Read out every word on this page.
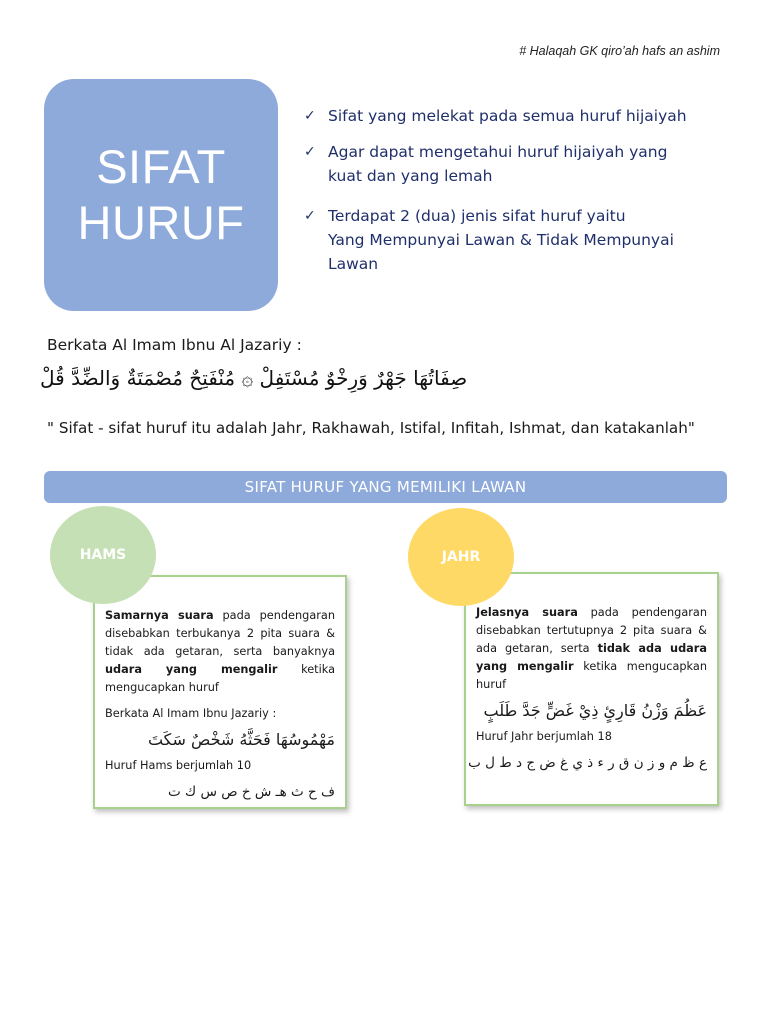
# Halaqah GK qiro’ah hafs an ashim
SIFAT
HURUF
✓ Sifat yang melekat pada semua huruf hijaiyah
✓ Agar dapat mengetahui huruf hijaiyah yang
kuat dan yang lemah
✓ Terdapat 2 (dua) jenis sifat huruf yaitu
Yang Mempunyai Lawan & Tidak Mempunyai
Lawan
Berkata Al Imam Ibnu Al Jazariy :
صِفَاتُهَا جَهْرٌ وَرِخْوٌ مُسْتَفِلْ ۞ مُنْفَتِحٌ مُصْمَتَةٌ وَالضِّدَّ قُلْ
" Sifat - sifat huruf itu adalah Jahr, Rakhawah, Istifal, Infitah, Ishmat, dan katakanlah"
SIFAT HURUF YANG MEMILIKI LAWAN
Samarnya suara pada pendengaran disebabkan terbukanya 2 pita suara & tidak ada getaran, serta banyaknya udara yang mengalir ketika mengucapkan huruf
Berkata Al Imam Ibnu Jazariy :
مَهْمُوسُهَا فَحَثَّهُ شَخْصٌ سَكَتَ
Huruf Hams berjumlah 10
ف ح ث هـ ش خ ص س ك ت
HAMS
Jelasnya suara pada pendengaran disebabkan tertutupnya 2 pita suara & ada getaran, serta tidak ada udara yang mengalir ketika mengucapkan huruf
عَظُمَ وَزْنُ قَارِئٍ ذِيْ غَضٍّ جَدَّ طَلَبٍ
Huruf Jahr berjumlah 18
ع ظ م و ز ن ق ر ء ذ ي غ ض ج د ط ل ب
JAHR
